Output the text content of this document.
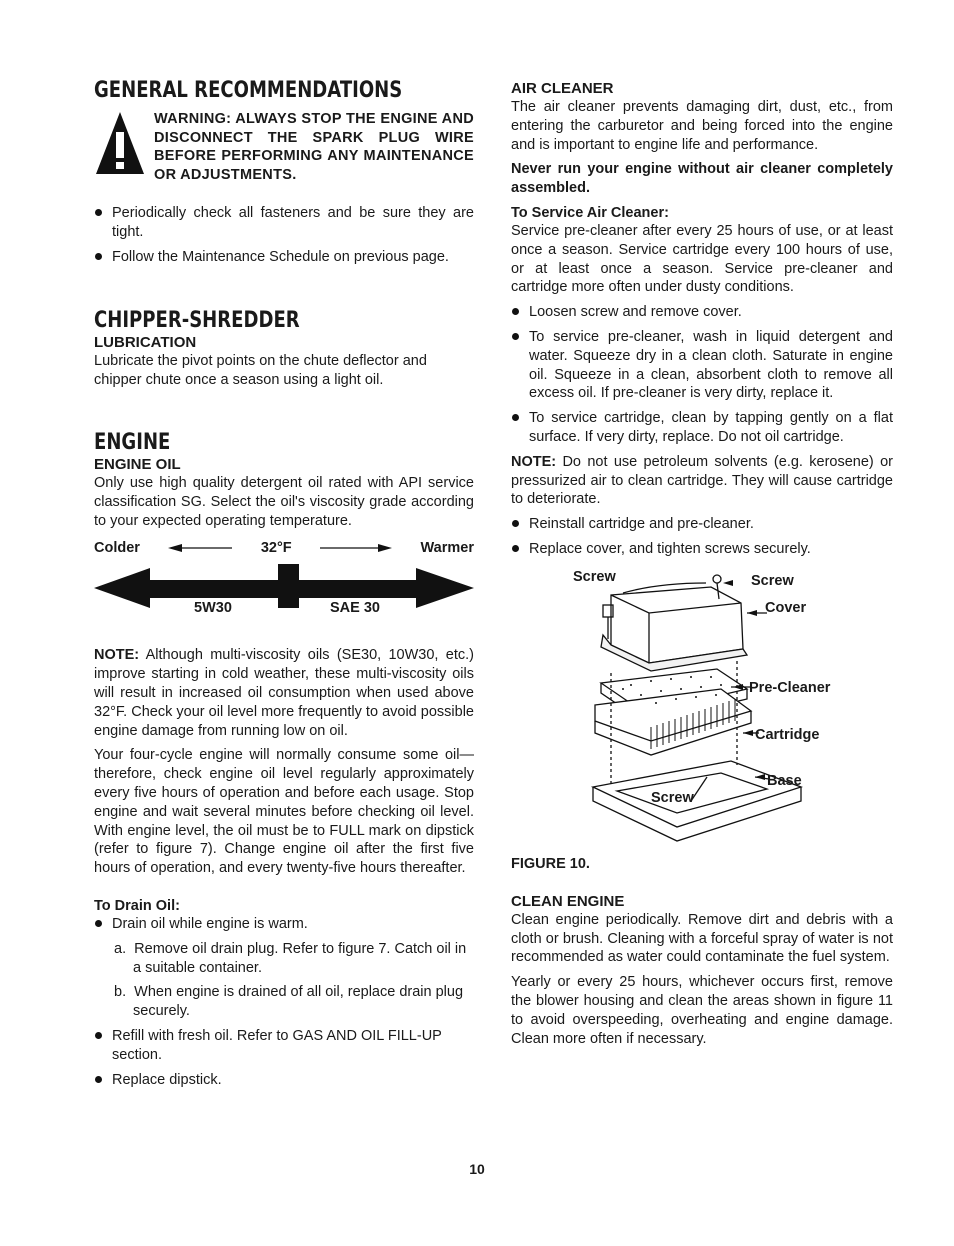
GENERAL RECOMMENDATIONS
WARNING: ALWAYS STOP THE ENGINE AND DISCONNECT THE SPARK PLUG WIRE BEFORE PERFORMING ANY MAINTENANCE OR ADJUSTMENTS.
Periodically check all fasteners and be sure they are tight.
Follow the Maintenance Schedule on previous page.
CHIPPER-SHREDDER
LUBRICATION

Lubricate the pivot points on the chute deflector and chipper chute once a season using a light oil.

ENGINE
ENGINE OIL

Only use high quality detergent oil rated with API service classification SG. Select the oil's viscosity grade according to your expected operating temperature.

Colder	32°F	Warmer
5W30	SAE 30

NOTE: Although multi-viscosity oils (SE30, 10W30, etc.) improve starting in cold weather, these multi-viscosity oils will result in increased oil consumption when used above 32°F. Check your oil level more frequently to avoid possible engine damage from running low on oil.

Your four-cycle engine will normally consume some oil—therefore, check engine oil level regularly approximately every five hours of operation and before each usage. Stop engine and wait several minutes before checking oil level. With engine level, the oil must be to FULL mark on dipstick (refer to figure 7). Change engine oil after the first five hours of operation, and every twenty-five hours thereafter.

To Drain Oil:
Drain oil while engine is warm.

a. Remove oil drain plug. Refer to figure 7. Catch oil in a suitable container.

b. When engine is drained of all oil, replace drain plug securely.

Refill with fresh oil. Refer to GAS AND OIL FILL-UP section.
Replace dipstick.
AIR CLEANER

The air cleaner prevents damaging dirt, dust, etc., from entering the carburetor and being forced into the engine and is important to engine life and performance.

Never run your engine without air cleaner completely assembled.

To Service Air Cleaner:

Service pre-cleaner after every 25 hours of use, or at least once a season. Service cartridge every 100 hours of use, or at least once a season. Service pre-cleaner and cartridge more often under dusty conditions.

Loosen screw and remove cover.
To service pre-cleaner, wash in liquid detergent and water. Squeeze dry in a clean cloth. Saturate in engine oil. Squeeze in a clean, absorbent cloth to remove all excess oil. If pre-cleaner is very dirty, replace it.
To service cartridge, clean by tapping gently on a flat surface. If very dirty, replace. Do not oil cartridge.

NOTE: Do not use petroleum solvents (e.g. kerosene) or pressurized air to clean cartridge. They will cause cartridge to deteriorate.

Reinstall cartridge and pre-cleaner.
Replace cover, and tighten screws securely.
Screw	Screw
Cover
Pre-Cleaner
Cartridge
Base
Screw
FIGURE 10.
CLEAN ENGINE

Clean engine periodically. Remove dirt and debris with a cloth or brush. Cleaning with a forceful spray of water is not recommended as water could contaminate the fuel system.

Yearly or every 25 hours, whichever occurs first, remove the blower housing and clean the areas shown in figure 11 to avoid overspeeding, overheating and engine damage. Clean more often if necessary.

10
